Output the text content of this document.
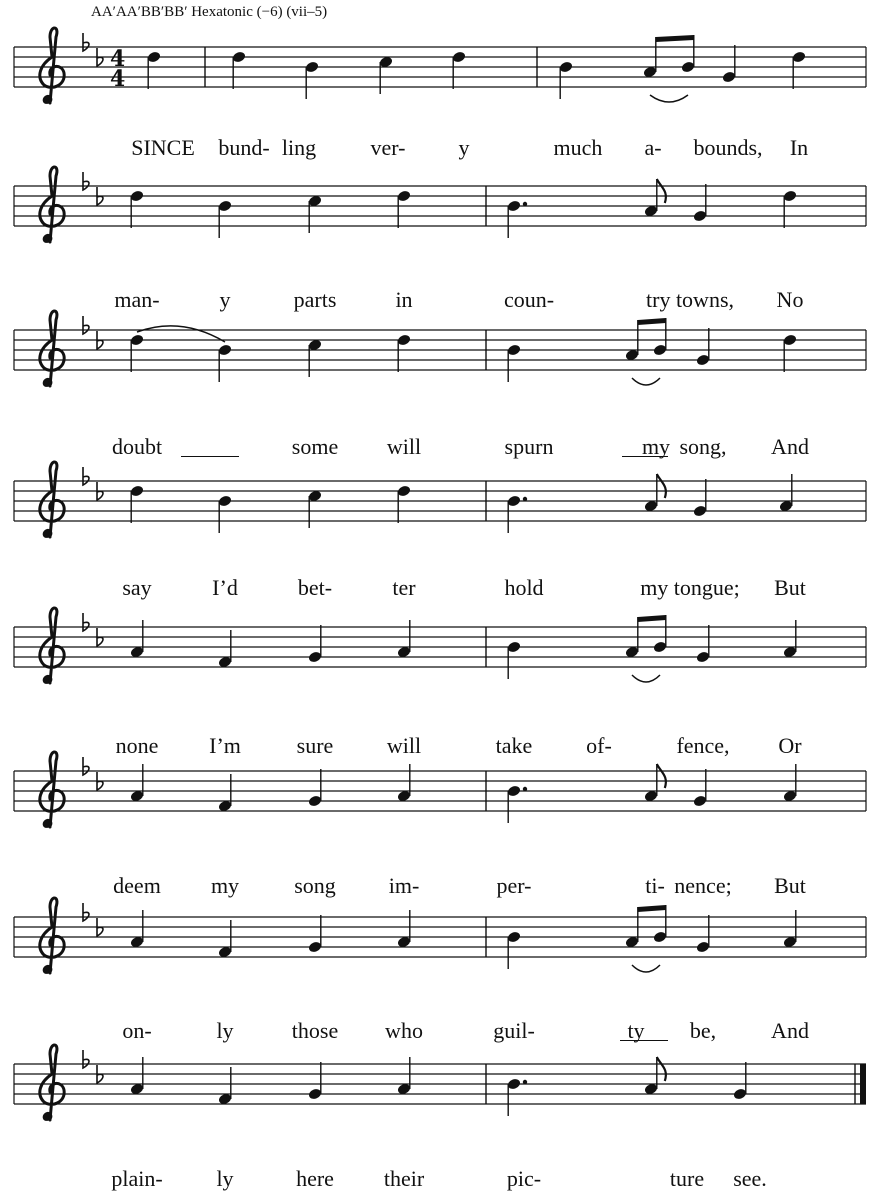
AA′AA′BB′BB′ Hexatonic (−6) (vii–5)
4
4
SINCE bund- ling ver- y	much a- bounds, In
man-	y	parts	in	coun-	try towns, No
doubt	some will	spurn	my song, And
say	I’d	bet-	ter	hold	my tongue; But
none I’m	sure will	take of-	fence, Or
deem my	song im-	per-	ti- nence; But
on-	ly	those who	guil-	ty be, And
plain- ly	here their	pic-	ture see.
